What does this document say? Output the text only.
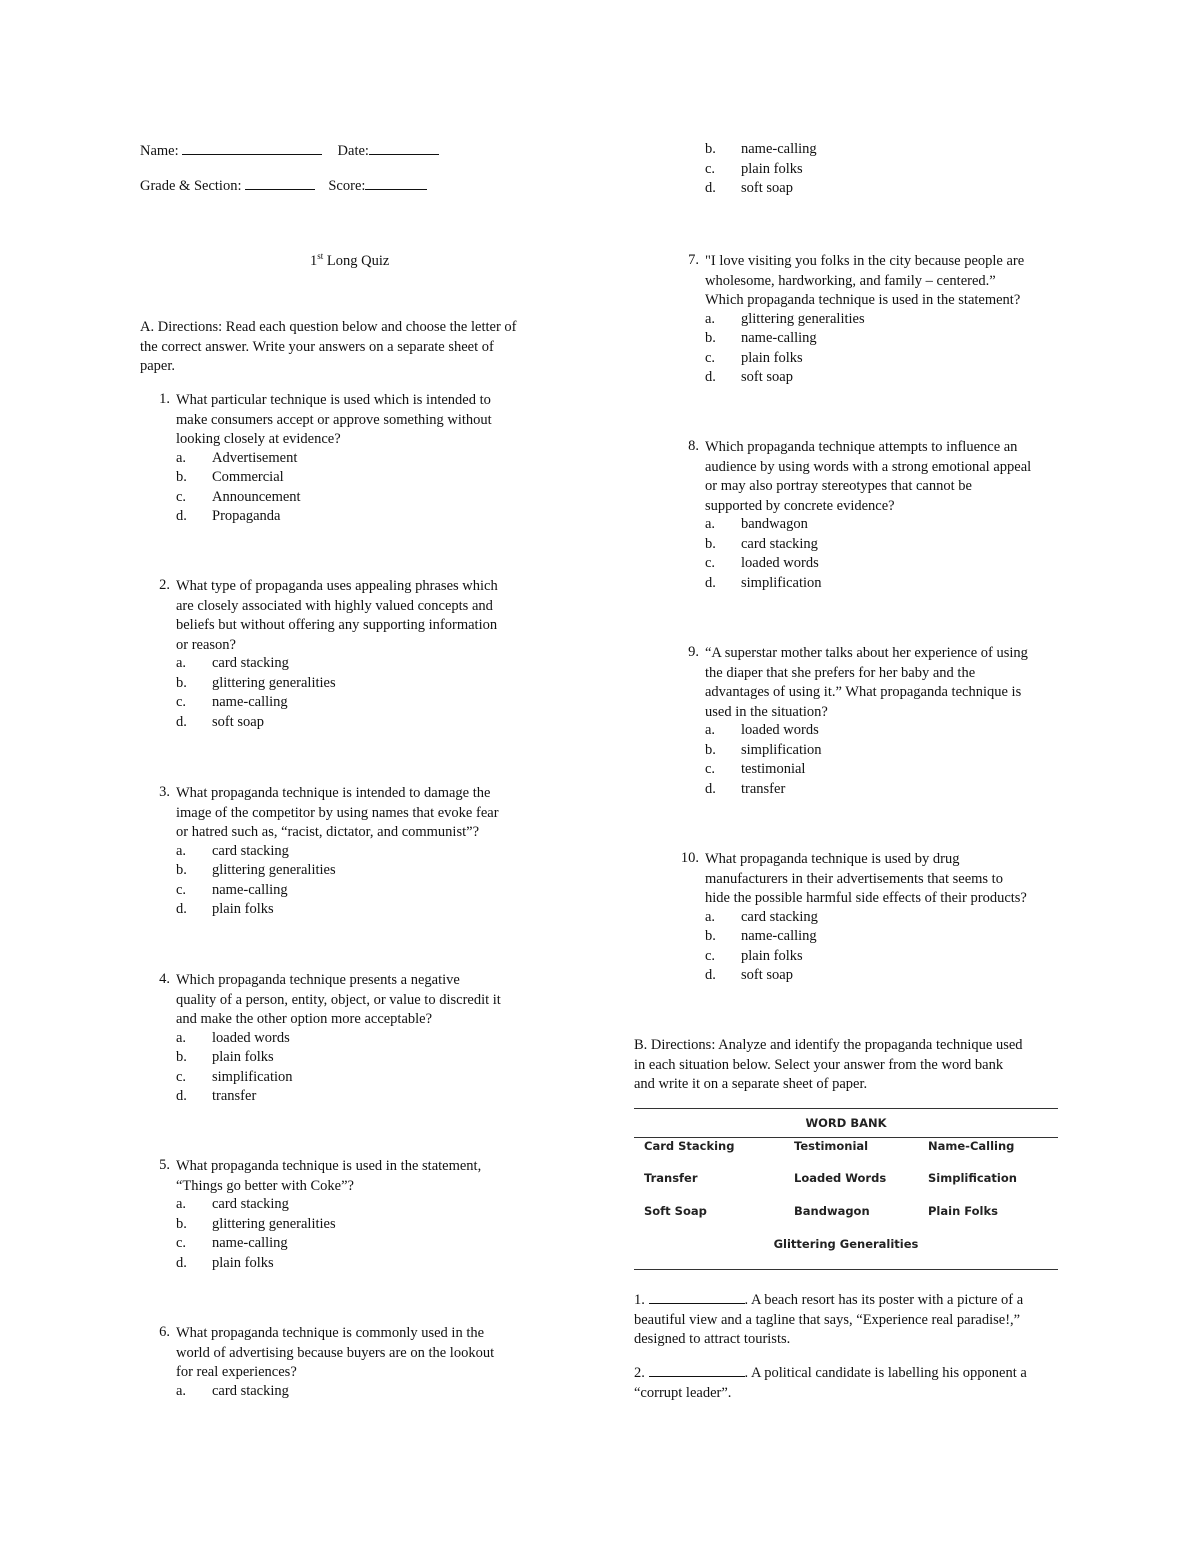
Name:	Date:
Grade & Section:	Score:
1st Long Quiz
A. Directions: Read each question below and choose the letter of
the correct answer. Write your answers on a separate sheet of
paper.
1. What particular technique is used which is intended to
make consumers accept or approve something without
looking closely at evidence?
a.	Advertisement
b.	Commercial
c.	Announcement
d.	Propaganda
2. What type of propaganda uses appealing phrases which
are closely associated with highly valued concepts and
beliefs but without offering any supporting information
or reason?
a.	card stacking
b.	glittering generalities
c.	name-calling
d.	soft soap
3. What propaganda technique is intended to damage the
image of the competitor by using names that evoke fear
or hatred such as, “racist, dictator, and communist”?
a.	card stacking
b.	glittering generalities
c.	name-calling
d.	plain folks
4. Which propaganda technique presents a negative
quality of a person, entity, object, or value to discredit it
and make the other option more acceptable?
a.	loaded words
b.	plain folks
c.	simplification
d.	transfer
5. What propaganda technique is used in the statement,
“Things go better with Coke”?
a.	card stacking
b.	glittering generalities
c.	name-calling
d.	plain folks
6. What propaganda technique is commonly used in the
world of advertising because buyers are on the lookout
for real experiences?
a.	card stacking
b.	name-calling
c.	plain folks
d.	soft soap
7. "I love visiting you folks in the city because people are
wholesome, hardworking, and family – centered.”
Which propaganda technique is used in the statement?
a.	glittering generalities
b.	name-calling
c.	plain folks
d.	soft soap
8. Which propaganda technique attempts to influence an
audience by using words with a strong emotional appeal
or may also portray stereotypes that cannot be
supported by concrete evidence?
a.	bandwagon
b.	card stacking
c.	loaded words
d.	simplification
9. “A superstar mother talks about her experience of using
the diaper that she prefers for her baby and the
advantages of using it.” What propaganda technique is
used in the situation?
a.	loaded words
b.	simplification
c.	testimonial
d.	transfer
10. What propaganda technique is used by drug
manufacturers in their advertisements that seems to
hide the possible harmful side effects of their products?
a.	card stacking
b.	name-calling
c.	plain folks
d.	soft soap
B. Directions: Analyze and identify the propaganda technique used
in each situation below. Select your answer from the word bank
and write it on a separate sheet of paper.
WORD BANK
Card Stacking	Testimonial	Name-Calling
Transfer	Loaded Words	Simplification
Soft Soap	Bandwagon	Plain Folks
Glittering Generalities
1.	. A beach resort has its poster with a picture of a
beautiful view and a tagline that says, “Experience real paradise!,”
designed to attract tourists.
2.	. A political candidate is labelling his opponent a
“corrupt leader”.
